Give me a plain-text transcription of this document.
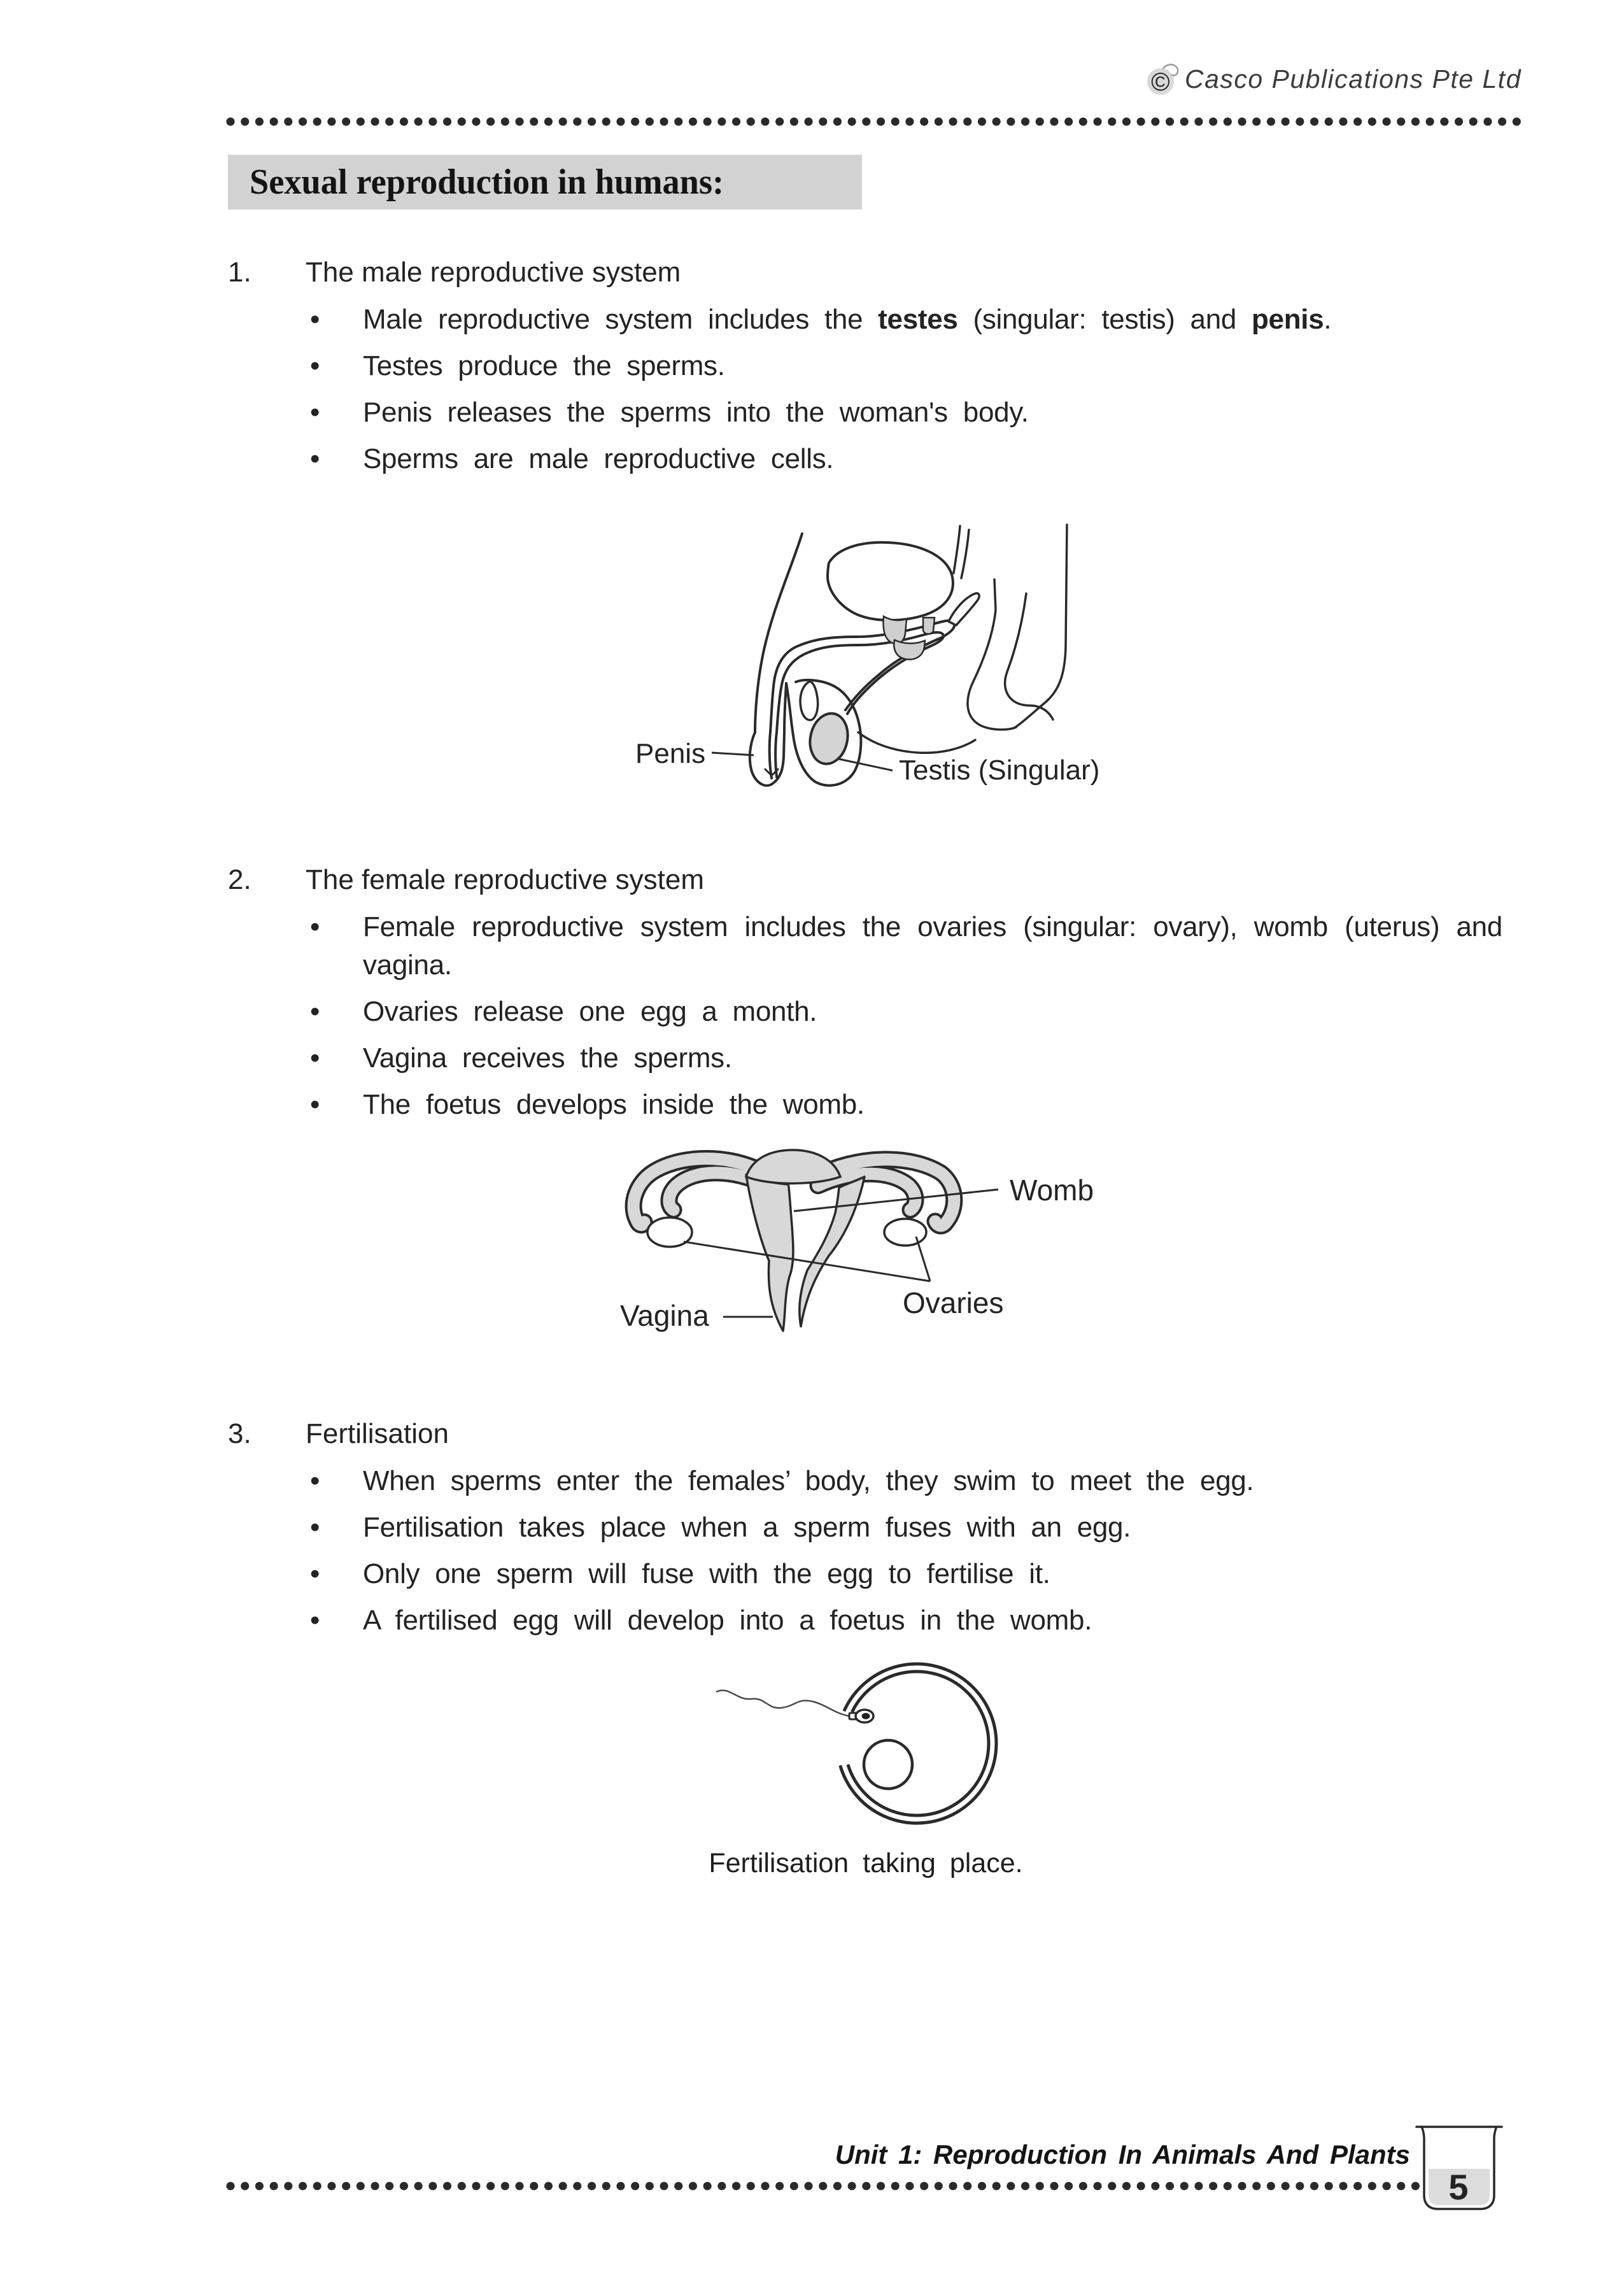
© Casco Publications Pte Ltd
Sexual reproduction in humans:
1.	The male reproductive system
•	Male reproductive system includes the testes (singular: testis) and penis.
•	Testes produce the sperms.
•	Penis releases the sperms into the woman's body.
•	Sperms are male reproductive cells.
2.	The female reproductive system
•	Female reproductive system includes the ovaries (singular: ovary), womb (uterus) and vagina.
•	Ovaries release one egg a month.
•	Vagina receives the sperms.
•	The foetus develops inside the womb.
3.	Fertilisation
•	When sperms enter the females’ body, they swim to meet the egg.
•	Fertilisation takes place when a sperm fuses with an egg.
•	Only one sperm will fuse with the egg to fertilise it.
•	A fertilised egg will develop into a foetus in the womb.
Penis
Testis (Singular)
Womb
Ovaries
Vagina
Fertilisation taking place.
Unit 1: Reproduction In Animals And Plants
5
